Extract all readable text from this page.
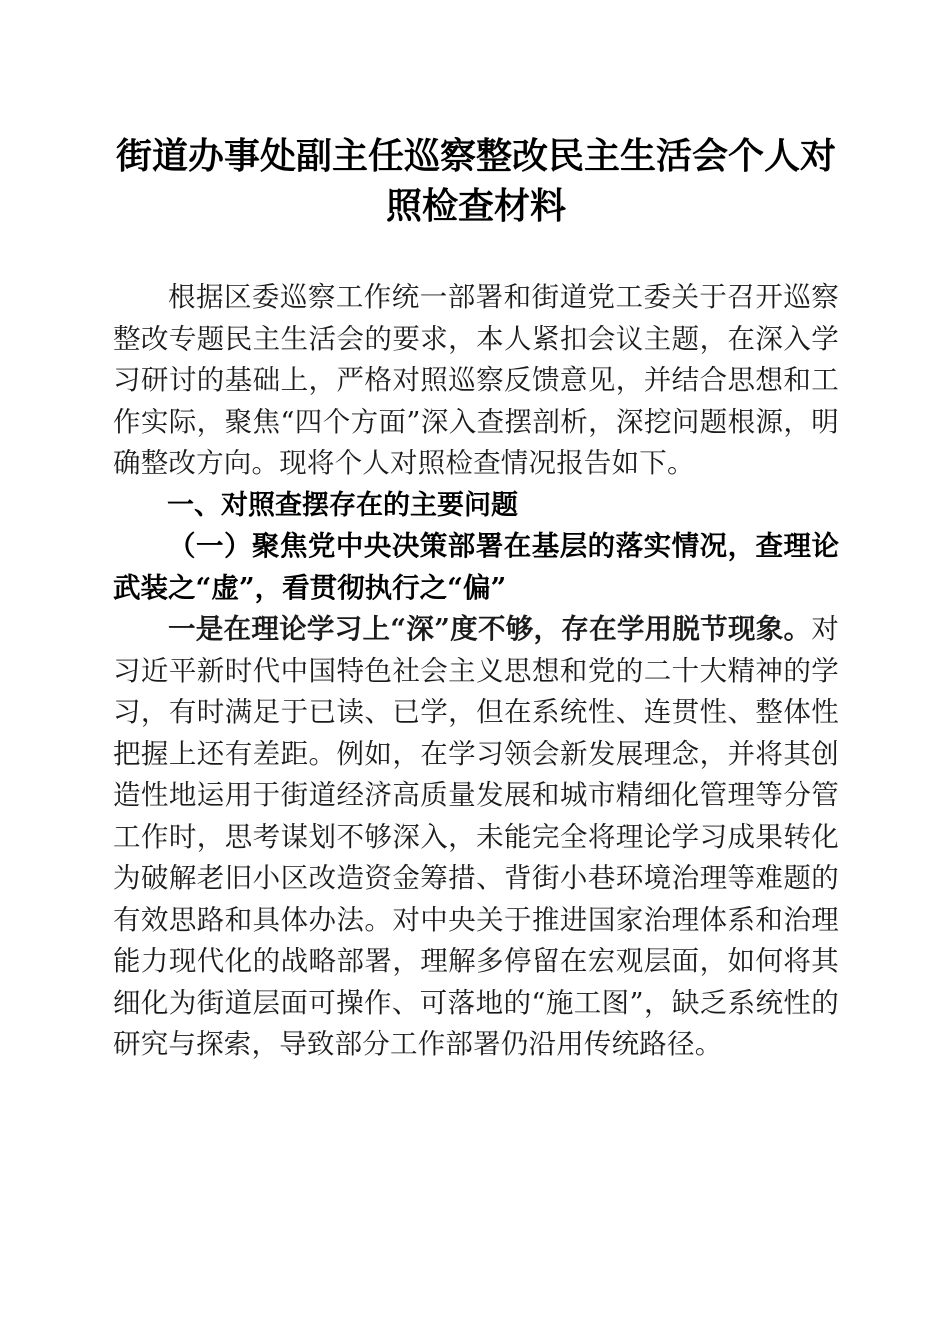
街道办事处副主任巡察整改民主生活会个人对
照检查材料

根据区委巡察工作统一部署和街道党工委关于召开巡察整改专题民主生活会的要求，本人紧扣会议主题，在深入学习研讨的基础上，严格对照巡察反馈意见，并结合思想和工作实际，聚焦“四个方面”深入查摆剖析，深挖问题根源，明确整改方向。现将个人对照检查情况报告如下。

一、对照查摆存在的主要问题

（一）聚焦党中央决策部署在基层的落实情况，查理论武装之“虚”，看贯彻执行之“偏”

一是在理论学习上“深”度不够，存在学用脱节现象。对习近平新时代中国特色社会主义思想和党的二十大精神的学习，有时满足于已读、已学，但在系统性、连贯性、整体性把握上还有差距。例如，在学习领会新发展理念，并将其创造性地运用于街道经济高质量发展和城市精细化管理等分管工作时，思考谋划不够深入，未能完全将理论学习成果转化为破解老旧小区改造资金筹措、背街小巷环境治理等难题的有效思路和具体办法。对中央关于推进国家治理体系和治理能力现代化的战略部署，理解多停留在宏观层面，如何将其细化为街道层面可操作、可落地的“施工图”，缺乏系统性的研究与探索，导致部分工作部署仍沿用传统路径。
